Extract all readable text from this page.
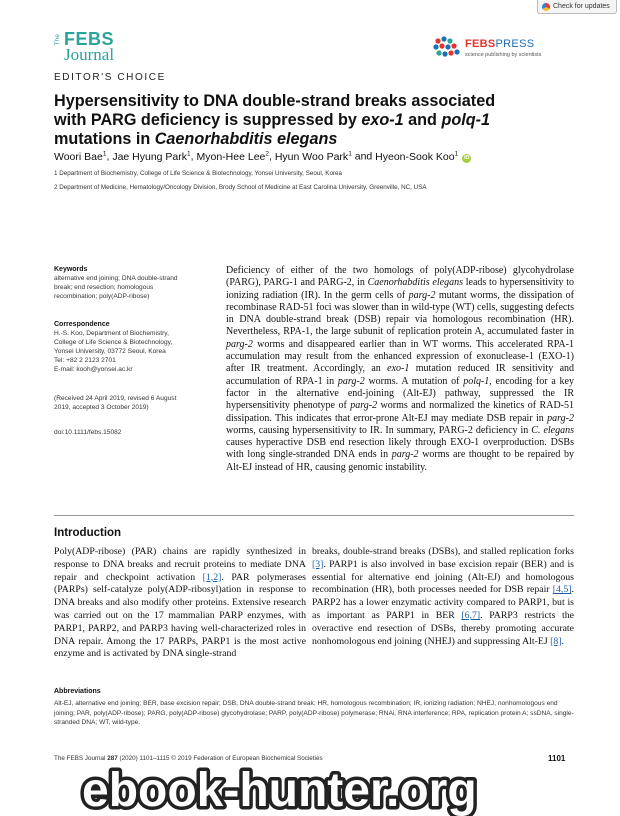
Check for updates
The FEBS
Journal
EDITOR'S CHOICE
FEBSPRESS
science publishing by scientists
Hypersensitivity to DNA double-strand breaks associated
with PARG deficiency is suppressed by exo-1 and polq-1
mutations in Caenorhabditis elegans
Woori Bae$^1$, Jae Hyung Park$^1$, Myon-Hee Lee$^2$, Hyun Woo Park$^1$ and Hyeon-Sook Koo$^1$iD
1 Department of Biochemistry, College of Life Science & Biotechnology, Yonsei University, Seoul, Korea
2 Department of Medicine, Hematology/Oncology Division, Brody School of Medicine at East Carolina University, Greenville, NC, USA
Keywords
alternative end joining; DNA double-strand
break; end resection; homologous
recombination; poly(ADP-ribose)
Correspondence
H.-S. Koo, Department of Biochemistry,
College of Life Science & Biotechnology,
Yonsei University, 03772 Seoul, Korea
Tel: +82 2 2123 2701
E-mail: kooh@yonsei.ac.kr
(Received 24 April 2019, revised 6 August
2019, accepted 3 October 2019)
doi:10.1111/febs.15082
Deficiency of either of the two homologs of poly(ADP-ribose) glycohydrolase (PARG), PARG-1 and PARG-2, in Caenorhabditis elegans leads to hypersensitivity to ionizing radiation (IR). In the germ cells of parg-2 mutant worms, the dissipation of recombinase RAD-51 foci was slower than in wild-type (WT) cells, suggesting defects in DNA double-strand break (DSB) repair via homologous recombination (HR). Nevertheless, RPA-1, the large subunit of replication protein A, accumulated faster in parg-2 worms and disappeared earlier than in WT worms. This accelerated RPA-1 accumulation may result from the enhanced expression of exonuclease-1 (EXO-1) after IR treatment. Accordingly, an exo-1 mutation reduced IR sensitivity and accumulation of RPA-1 in parg-2 worms. A mutation of polq-1, encoding for a key factor in the alternative end-joining (Alt-EJ) pathway, suppressed the IR hypersensitivity phenotype of parg-2 worms and normalized the kinetics of RAD-51 dissipation. This indicates that error-prone Alt-EJ may mediate DSB repair in parg-2 worms, causing hypersensitivity to IR. In summary, PARG-2 deficiency in C. elegans causes hyperactive DSB end resection likely through EXO-1 overproduction. DSBs with long single-stranded DNA ends in parg-2 worms are thought to be repaired by Alt-EJ instead of HR, causing genomic instability.
Introduction
Poly(ADP-ribose) (PAR) chains are rapidly synthesized in response to DNA breaks and recruit proteins to mediate DNA repair and checkpoint activation [1,2]. PAR polymerases (PARPs) self-catalyze poly(ADP-ribosyl)ation in response to DNA breaks and also modify other proteins. Extensive research was carried out on the 17 mammalian PARP enzymes, with PARP1, PARP2, and PARP3 having well-characterized roles in DNA repair. Among the 17 PARPs, PARP1 is the most active enzyme and is activated by DNA single-strand
breaks, double-strand breaks (DSBs), and stalled replication forks [3]. PARP1 is also involved in base excision repair (BER) and is essential for alternative end joining (Alt-EJ) and homologous recombination (HR), both processes needed for DSB repair [4,5]. PARP2 has a lower enzymatic activity compared to PARP1, but is as important as PARP1 in BER [6,7]. PARP3 restricts the overactive end resection of DSBs, thereby promoting accurate nonhomologous end joining (NHEJ) and suppressing Alt-EJ [8].
Abbreviations
Alt-EJ, alternative end joining; BER, base excision repair; DSB, DNA double-strand break; HR, homologous recombination; IR, ionizing radiation; NHEJ, nonhomologous end joining; PAR, poly(ADP-ribose); PARG, poly(ADP-ribose) glycohydrolase; PARP, poly(ADP-ribose) polymerase; RNAi, RNA interference; RPA, replication protein A; ssDNA, single-stranded DNA; WT, wild-type.
The FEBS Journal 287 (2020) 1101–1115 © 2019 Federation of European Biochemical Societies	1101
ebook-hunter.org
